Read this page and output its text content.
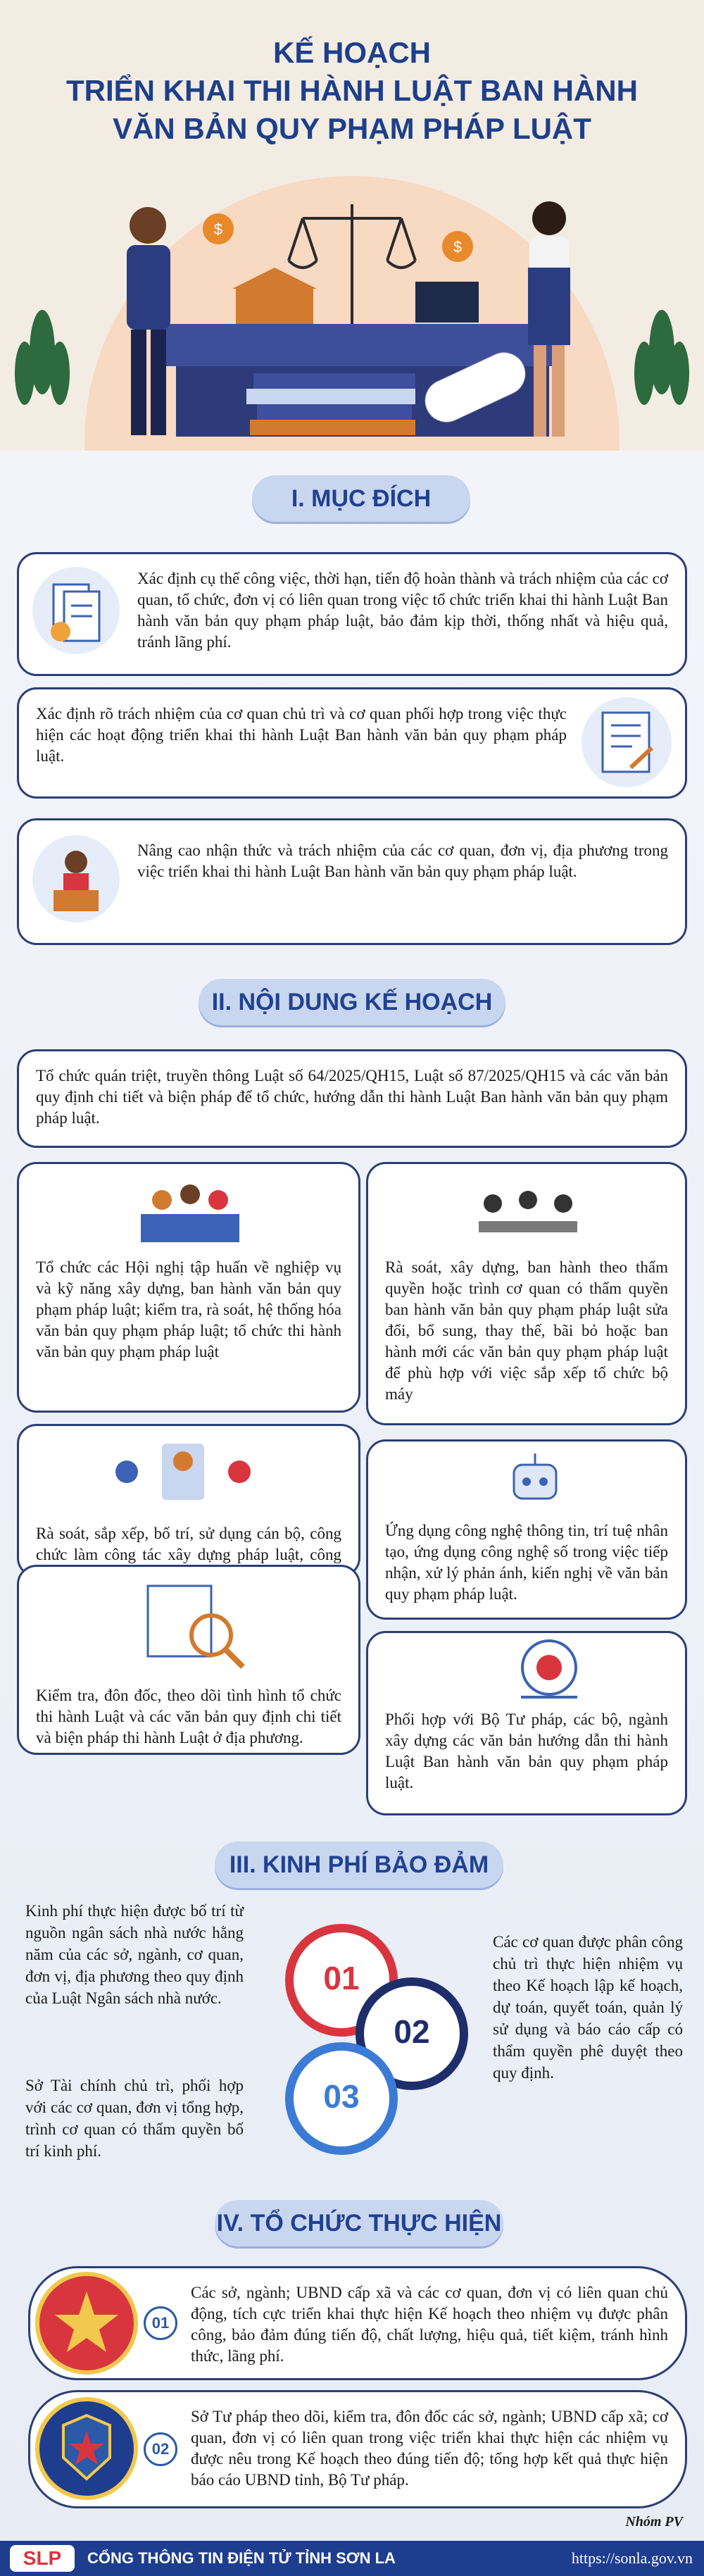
KẾ HOẠCH
TRIỂN KHAI THI HÀNH LUẬT BAN HÀNH
VĂN BẢN QUY PHẠM PHÁP LUẬT
$
$
I. MỤC ĐÍCH
Xác định cụ thể công việc, thời hạn, tiến độ hoàn thành và trách nhiệm của các cơ quan, tổ chức, đơn vị có liên quan trong việc tổ chức triển khai thi hành Luật Ban hành văn bản quy phạm pháp luật, bảo đảm kịp thời, thống nhất và hiệu quả, tránh lãng phí.
Xác định rõ trách nhiệm của cơ quan chủ trì và cơ quan phối hợp trong việc thực hiện các hoạt động triển khai thi hành Luật Ban hành văn bản quy phạm pháp luật.
Nâng cao nhận thức và trách nhiệm của các cơ quan, đơn vị, địa phương trong việc triển khai thi hành Luật Ban hành văn bản quy phạm pháp luật.
II. NỘI DUNG KẾ HOẠCH
Tổ chức quán triệt, truyền thông Luật số 64/2025/QH15, Luật số 87/2025/QH15 và các văn bản quy định chi tiết và biện pháp để tổ chức, hướng dẫn thi hành Luật Ban hành văn bản quy phạm pháp luật.
Tổ chức các Hội nghị tập huấn về nghiệp vụ và kỹ năng xây dựng, ban hành văn bản quy phạm pháp luật; kiểm tra, rà soát, hệ thống hóa văn bản quy phạm pháp luật; tổ chức thi hành văn bản quy phạm pháp luật
Rà soát, xây dựng, ban hành theo thẩm quyền hoặc trình cơ quan có thẩm quyền ban hành văn bản quy phạm pháp luật sửa đổi, bổ sung, thay thế, bãi bỏ hoặc ban hành mới các văn bản quy phạm pháp luật để phù hợp với việc sắp xếp tổ chức bộ máy
Rà soát, sắp xếp, bố trí, sử dụng cán bộ, công chức làm công tác xây dựng pháp luật, công
Ứng dụng công nghệ thông tin, trí tuệ nhân tạo, ứng dụng công nghệ số trong việc tiếp nhận, xử lý phản ánh, kiến nghị về văn bản quy phạm pháp luật.
Kiểm tra, đôn đốc, theo dõi tình hình tổ chức thi hành Luật và các văn bản quy định chi tiết và biện pháp thi hành Luật ở địa phương.
Phối hợp với Bộ Tư pháp, các bộ, ngành xây dựng các văn bản hướng dẫn thi hành Luật Ban hành văn bản quy phạm pháp luật.
III. KINH PHÍ BẢO ĐẢM
01
02
03
Kinh phí thực hiện được bố trí từ nguồn ngân sách nhà nước hằng năm của các sở, ngành, cơ quan, đơn vị, địa phương theo quy định của Luật Ngân sách nhà nước.
Các cơ quan được phân công chủ trì thực hiện nhiệm vụ theo Kế hoạch lập kế hoạch, dự toán, quyết toán, quản lý sử dụng và báo cáo cấp có thẩm quyền phê duyệt theo quy định.
Sở Tài chính chủ trì, phối hợp với các cơ quan, đơn vị tổng hợp, trình cơ quan có thẩm quyền bố trí kinh phí.
IV. TỔ CHỨC THỰC HIỆN
Các sở, ngành; UBND cấp xã và các cơ quan, đơn vị có liên quan chủ động, tích cực triển khai thực hiện Kế hoạch theo nhiệm vụ được phân công, bảo đảm đúng tiến độ, chất lượng, hiệu quả, tiết kiệm, tránh hình thức, lãng phí.
01
Sở Tư pháp theo dõi, kiểm tra, đôn đốc các sở, ngành; UBND cấp xã; cơ quan, đơn vị có liên quan trong việc triển khai thực hiện các nhiệm vụ được nêu trong Kế hoạch theo đúng tiến độ; tổng hợp kết quả thực hiện báo cáo UBND tỉnh, Bộ Tư pháp.
02
Nhóm PV
SLP	CỔNG THÔNG TIN ĐIỆN TỬ TỈNH SƠN LA	https://sonla.gov.vn
